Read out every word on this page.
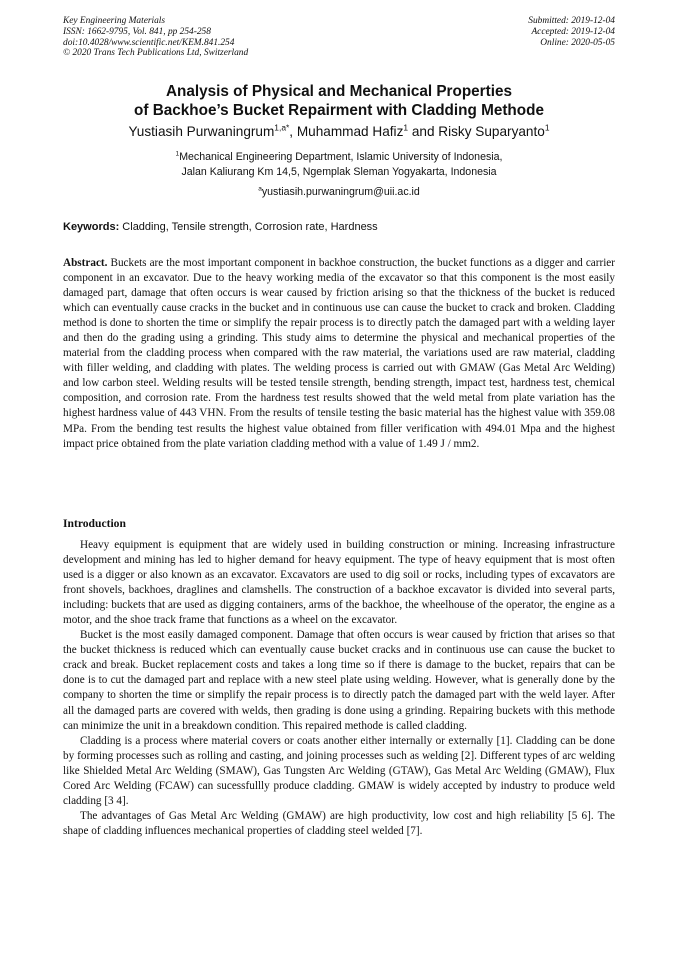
Key Engineering Materials
ISSN: 1662-9795, Vol. 841, pp 254-258
doi:10.4028/www.scientific.net/KEM.841.254
© 2020 Trans Tech Publications Ltd, Switzerland
Submitted: 2019-12-04
Accepted: 2019-12-04
Online: 2020-05-05
Analysis of Physical and Mechanical Properties
of Backhoe’s Bucket Repairment with Cladding Methode
Yustiasih Purwaningrum$^{1,a*}$, Muhammad Hafiz$^1$ and Risky Suparyanto$^1$
$^1$Mechanical Engineering Department, Islamic University of Indonesia,
Jalan Kaliurang Km 14,5, Ngemplak Sleman Yogyakarta, Indonesia
$^a$yustiasih.purwaningrum@uii.ac.id
Keywords: Cladding, Tensile strength, Corrosion rate, Hardness
Abstract. Buckets are the most important component in backhoe construction, the bucket functions as a digger and carrier component in an excavator. Due to the heavy working media of the excavator so that this component is the most easily damaged part, damage that often occurs is wear caused by friction arising so that the thickness of the bucket is reduced which can eventually cause cracks in the bucket and in continuous use can cause the bucket to crack and broken. Cladding method is done to shorten the time or simplify the repair process is to directly patch the damaged part with a welding layer and then do the grading using a grinding. This study aims to determine the physical and mechanical properties of the material from the cladding process when compared with the raw material, the variations used are raw material, cladding with filler welding, and cladding with plates. The welding process is carried out with GMAW (Gas Metal Arc Welding) and low carbon steel. Welding results will be tested tensile strength, bending strength, impact test, hardness test, chemical composition, and corrosion rate. From the hardness test results showed that the weld metal from plate variation has the highest hardness value of 443 VHN. From the results of tensile testing the basic material has the highest value with 359.08 MPa. From the bending test results the highest value obtained from filler verification with 494.01 Mpa and the highest impact price obtained from the plate variation cladding method with a value of 1.49 J / mm2.
Introduction

Heavy equipment is equipment that are widely used in building construction or mining. Increasing infrastructure development and mining has led to higher demand for heavy equipment. The type of heavy equipment that is most often used is a digger or also known as an excavator. Excavators are used to dig soil or rocks, including types of excavators are front shovels, backhoes, draglines and clamshells. The construction of a backhoe excavator is divided into several parts, including: buckets that are used as digging containers, arms of the backhoe, the wheelhouse of the operator, the engine as a motor, and the shoe track frame that functions as a wheel on the excavator.

Bucket is the most easily damaged component. Damage that often occurs is wear caused by friction that arises so that the bucket thickness is reduced which can eventually cause bucket cracks and in continuous use can cause the bucket to crack and break. Bucket replacement costs and takes a long time so if there is damage to the bucket, repairs that can be done is to cut the damaged part and replace with a new steel plate using welding. However, what is generally done by the company to shorten the time or simplify the repair process is to directly patch the damaged part with the weld layer. After all the damaged parts are covered with welds, then grading is done using a grinding. Repairing buckets with this methode can minimize the unit in a breakdown condition. This repaired methode is called cladding.

Cladding is a process where material covers or coats another either internally or externally [1]. Cladding can be done by forming processes such as rolling and casting, and joining processes such as welding [2]. Different types of arc welding like Shielded Metal Arc Welding (SMAW), Gas Tungsten Arc Welding (GTAW), Gas Metal Arc Welding (GMAW), Flux Cored Arc Welding (FCAW) can sucessfullly produce cladding. GMAW is widely accepted by industry to produce weld cladding [3 4].

The advantages of Gas Metal Arc Welding (GMAW) are high productivity, low cost and high reliability [5 6]. The shape of cladding influences mechanical properties of cladding steel welded [7].
